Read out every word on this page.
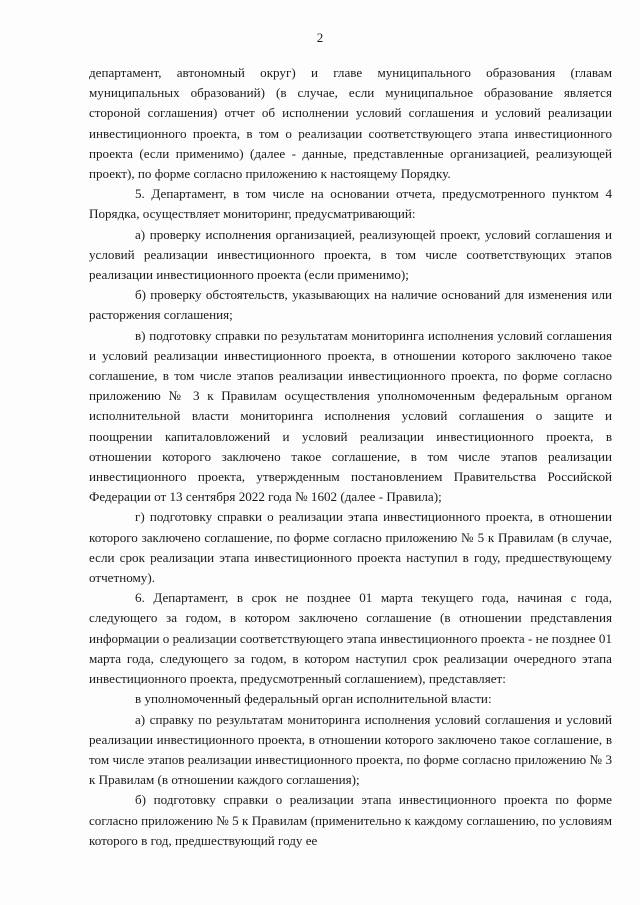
2

департамент, автономный округ) и главе муниципального образования (главам муниципальных образований) (в случае, если муниципальное образование является стороной соглашения) отчет об исполнении условий соглашения и условий реализации инвестиционного проекта, в том о реализации соответствующего этапа инвестиционного проекта (если применимо) (далее - данные, представленные организацией, реализующей проект), по форме согласно приложению к настоящему Порядку.

5. Департамент, в том числе на основании отчета, предусмотренного пунктом 4 Порядка, осуществляет мониторинг, предусматривающий:

а) проверку исполнения организацией, реализующей проект, условий соглашения и условий реализации инвестиционного проекта, в том числе соответствующих этапов реализации инвестиционного проекта (если применимо);

б) проверку обстоятельств, указывающих на наличие оснований для изменения или расторжения соглашения;

в) подготовку справки по результатам мониторинга исполнения условий соглашения и условий реализации инвестиционного проекта, в отношении которого заключено такое соглашение, в том числе этапов реализации инвестиционного проекта, по форме согласно приложению № 3 к Правилам осуществления уполномоченным федеральным органом исполнительной власти мониторинга исполнения условий соглашения о защите и поощрении капиталовложений и условий реализации инвестиционного проекта, в отношении которого заключено такое соглашение, в том числе этапов реализации инвестиционного проекта, утвержденным постановлением Правительства Российской Федерации от 13 сентября 2022 года № 1602 (далее - Правила);

г) подготовку справки о реализации этапа инвестиционного проекта, в отношении которого заключено соглашение, по форме согласно приложению № 5 к Правилам (в случае, если срок реализации этапа инвестиционного проекта наступил в году, предшествующему отчетному).

6. Департамент, в срок не позднее 01 марта текущего года, начиная с года, следующего за годом, в котором заключено соглашение (в отношении представления информации о реализации соответствующего этапа инвестиционного проекта - не позднее 01 марта года, следующего за годом, в котором наступил срок реализации очередного этапа инвестиционного проекта, предусмотренный соглашением), представляет:

в уполномоченный федеральный орган исполнительной власти:

а) справку по результатам мониторинга исполнения условий соглашения и условий реализации инвестиционного проекта, в отношении которого заключено такое соглашение, в том числе этапов реализации инвестиционного проекта, по форме согласно приложению № 3 к Правилам (в отношении каждого соглашения);

б) подготовку справки о реализации этапа инвестиционного проекта по форме согласно приложению № 5 к Правилам (применительно к каждому соглашению, по условиям которого в год, предшествующий году ее
